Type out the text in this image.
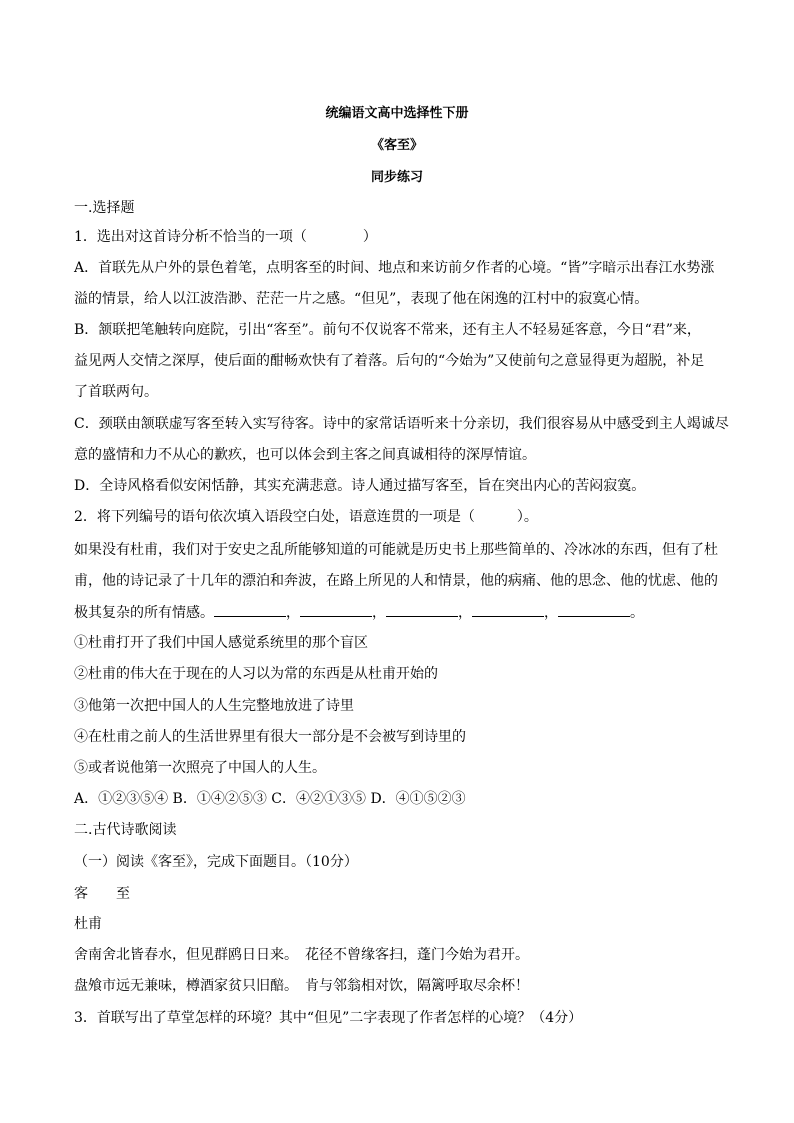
统编语文高中选择性下册
《客至》
同步练习
一.选择题
1．选出对这首诗分析不恰当的一项（　　　　）
A．首联先从户外的景色着笔，点明客至的时间、地点和来访前夕作者的心境。“皆”字暗示出春江水势涨
溢的情景，给人以江波浩渺、茫茫一片之感。“但见”，表现了他在闲逸的江村中的寂寞心情。
B．颔联把笔触转向庭院，引出“客至”。前句不仅说客不常来，还有主人不轻易延客意，今日“君”来，
益见两人交情之深厚，使后面的酣畅欢快有了着落。后句的“今始为”又使前句之意显得更为超脱，补足
了首联两句。
C．颈联由颔联虚写客至转入实写待客。诗中的家常话语听来十分亲切，我们很容易从中感受到主人竭诚尽
意的盛情和力不从心的歉疚，也可以体会到主客之间真诚相待的深厚情谊。
D．全诗风格看似安闲恬静，其实充满悲意。诗人通过描写客至，旨在突出内心的苦闷寂寞。
2．将下列编号的语句依次填入语段空白处，语意连贯的一项是（　　　）。
如果没有杜甫，我们对于安史之乱所能够知道的可能就是历史书上那些简单的、冷冰冰的东西，但有了杜
甫，他的诗记录了十几年的漂泊和奔波，在路上所见的人和情景，他的病痛、他的思念、他的忧虑、他的
极其复杂的所有情感。	，	，	，	，	。
①杜甫打开了我们中国人感觉系统里的那个盲区
②杜甫的伟大在于现在的人习以为常的东西是从杜甫开始的
③他第一次把中国人的人生完整地放进了诗里
④在杜甫之前人的生活世界里有很大一部分是不会被写到诗里的
⑤或者说他第一次照亮了中国人的人生。
A．①②③⑤④ B．①④②⑤③ C．④②①③⑤ D．④①⑤②③
二.古代诗歌阅读
（一）阅读《客至》，完成下面题目。（10分）
客　　至
杜甫
舍南舍北皆春水，但见群鸥日日来。　花径不曾缘客扫，蓬门今始为君开。
盘飧市远无兼味，樽酒家贫只旧醅。　肯与邻翁相对饮，隔篱呼取尽余杯！
3．首联写出了草堂怎样的环境？其中“但见”二字表现了作者怎样的心境？（4分）
